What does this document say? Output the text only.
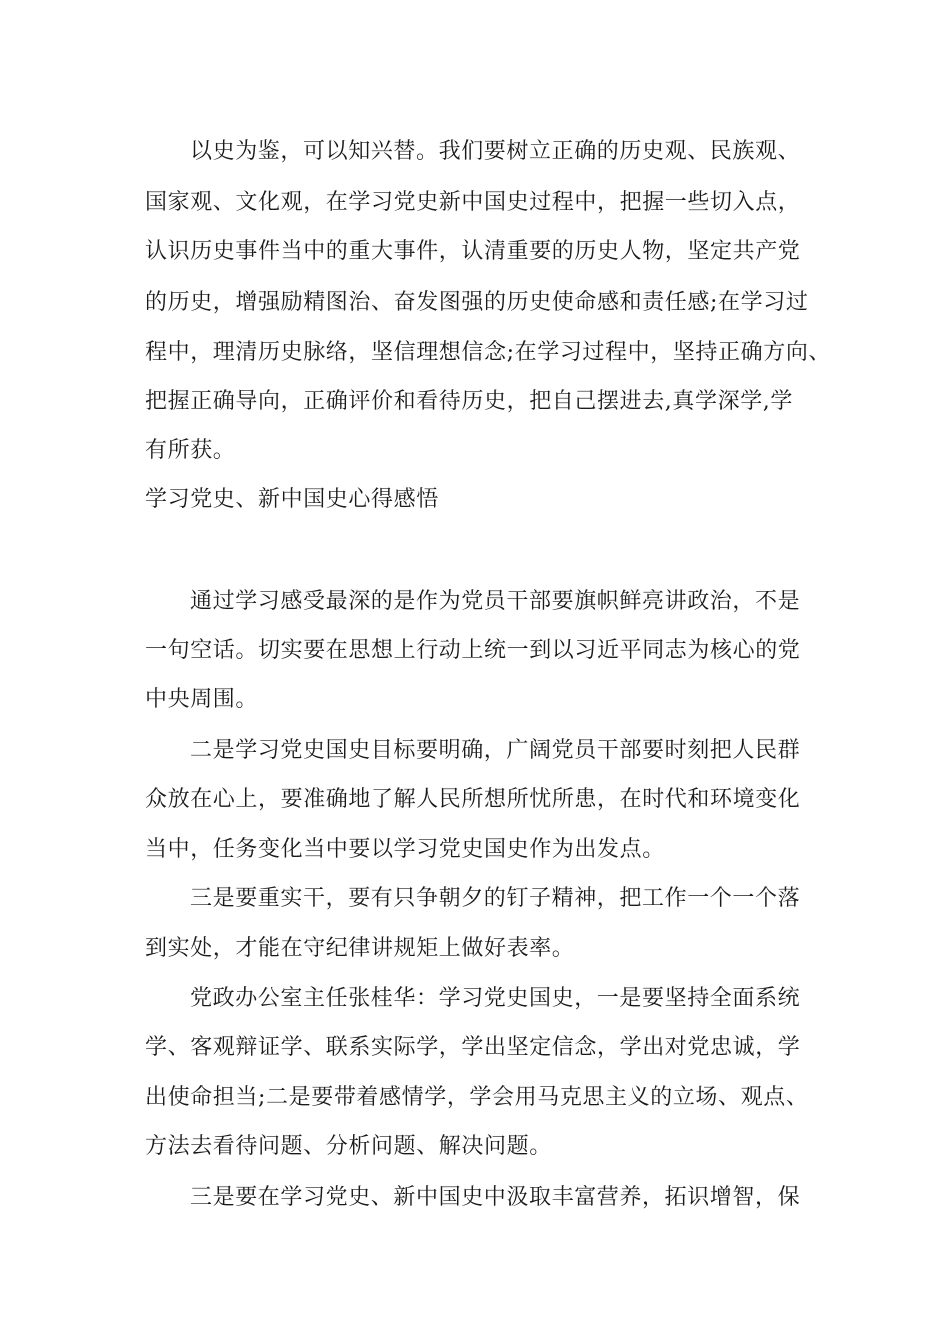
以史为鉴，可以知兴替。我们要树立正确的历史观、民族观、
国家观、文化观，在学习党史新中国史过程中，把握一些切入点，
认识历史事件当中的重大事件，认清重要的历史人物，坚定共产党
的历史，增强励精图治、奋发图强的历史使命感和责任感;在学习过
程中，理清历史脉络，坚信理想信念;在学习过程中，坚持正确方向、
把握正确导向，正确评价和看待历史，把自己摆进去,真学深学,学
有所获。
学习党史、新中国史心得感悟
通过学习感受最深的是作为党员干部要旗帜鲜亮讲政治，不是
一句空话。切实要在思想上行动上统一到以习近平同志为核心的党
中央周围。
二是学习党史国史目标要明确，广阔党员干部要时刻把人民群
众放在心上，要准确地了解人民所想所忧所患，在时代和环境变化
当中，任务变化当中要以学习党史国史作为出发点。
三是要重实干，要有只争朝夕的钉子精神，把工作一个一个落
到实处，才能在守纪律讲规矩上做好表率。
党政办公室主任张桂华：学习党史国史，一是要坚持全面系统
学、客观辩证学、联系实际学，学出坚定信念，学出对党忠诚，学
出使命担当;二是要带着感情学，学会用马克思主义的立场、观点、
方法去看待问题、分析问题、解决问题。
三是要在学习党史、新中国史中汲取丰富营养，拓识增智，保
